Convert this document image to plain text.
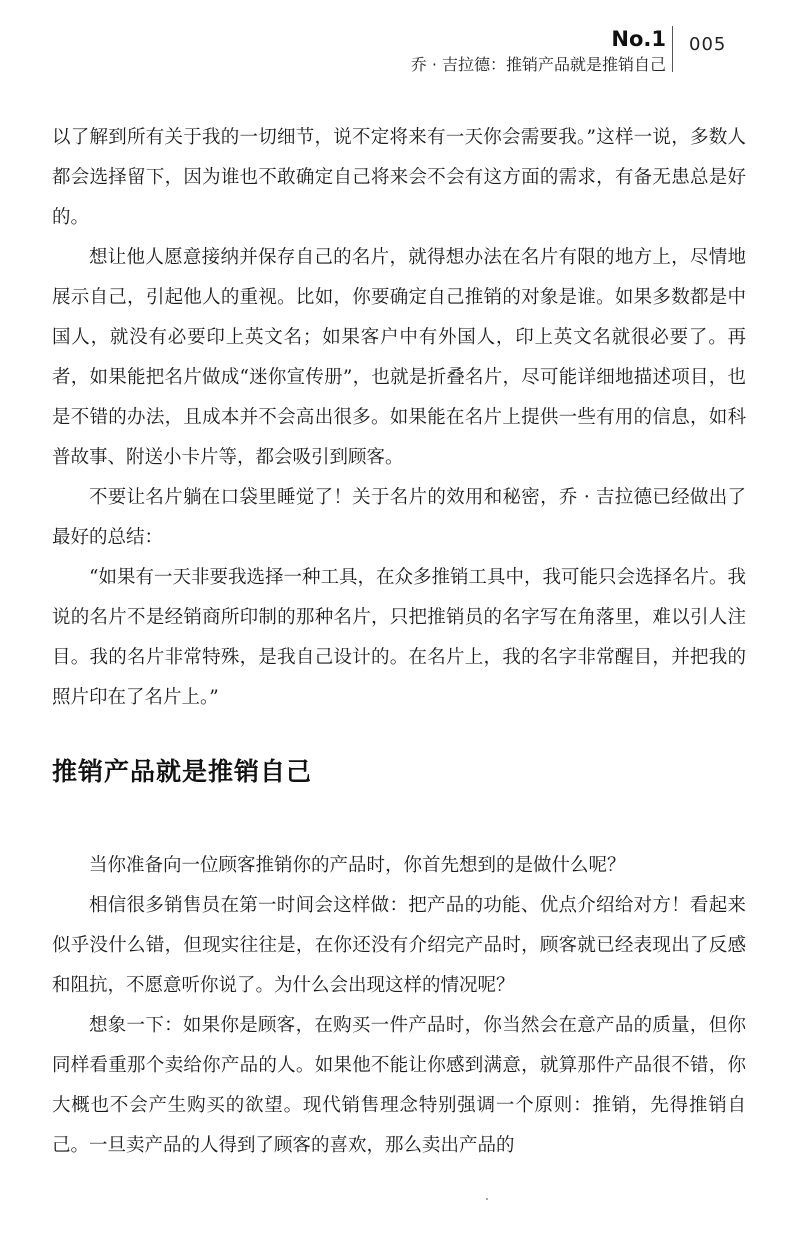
No.1
乔 · 吉拉德：推销产品就是推销自己
005

以了解到所有关于我的一切细节，说不定将来有一天你会需要我。”这样一说，多数人都会选择留下，因为谁也不敢确定自己将来会不会有这方面的需求，有备无患总是好的。

想让他人愿意接纳并保存自己的名片，就得想办法在名片有限的地方上，尽情地展示自己，引起他人的重视。比如，你要确定自己推销的对象是谁。如果多数都是中国人，就没有必要印上英文名；如果客户中有外国人，印上英文名就很必要了。再者，如果能把名片做成“迷你宣传册”，也就是折叠名片，尽可能详细地描述项目，也是不错的办法，且成本并不会高出很多。如果能在名片上提供一些有用的信息，如科普故事、附送小卡片等，都会吸引到顾客。

不要让名片躺在口袋里睡觉了！关于名片的效用和秘密，乔 · 吉拉德已经做出了最好的总结：

“如果有一天非要我选择一种工具，在众多推销工具中，我可能只会选择名片。我说的名片不是经销商所印制的那种名片，只把推销员的名字写在角落里，难以引人注目。我的名片非常特殊，是我自己设计的。在名片上，我的名字非常醒目，并把我的照片印在了名片上。”

推销产品就是推销自己

当你准备向一位顾客推销你的产品时，你首先想到的是做什么呢？

相信很多销售员在第一时间会这样做：把产品的功能、优点介绍给对方！看起来似乎没什么错，但现实往往是，在你还没有介绍完产品时，顾客就已经表现出了反感和阻抗，不愿意听你说了。为什么会出现这样的情况呢？

想象一下：如果你是顾客，在购买一件产品时，你当然会在意产品的质量，但你同样看重那个卖给你产品的人。如果他不能让你感到满意，就算那件产品很不错，你大概也不会产生购买的欲望。现代销售理念特别强调一个原则：推销，先得推销自己。一旦卖产品的人得到了顾客的喜欢，那么卖出产品的
